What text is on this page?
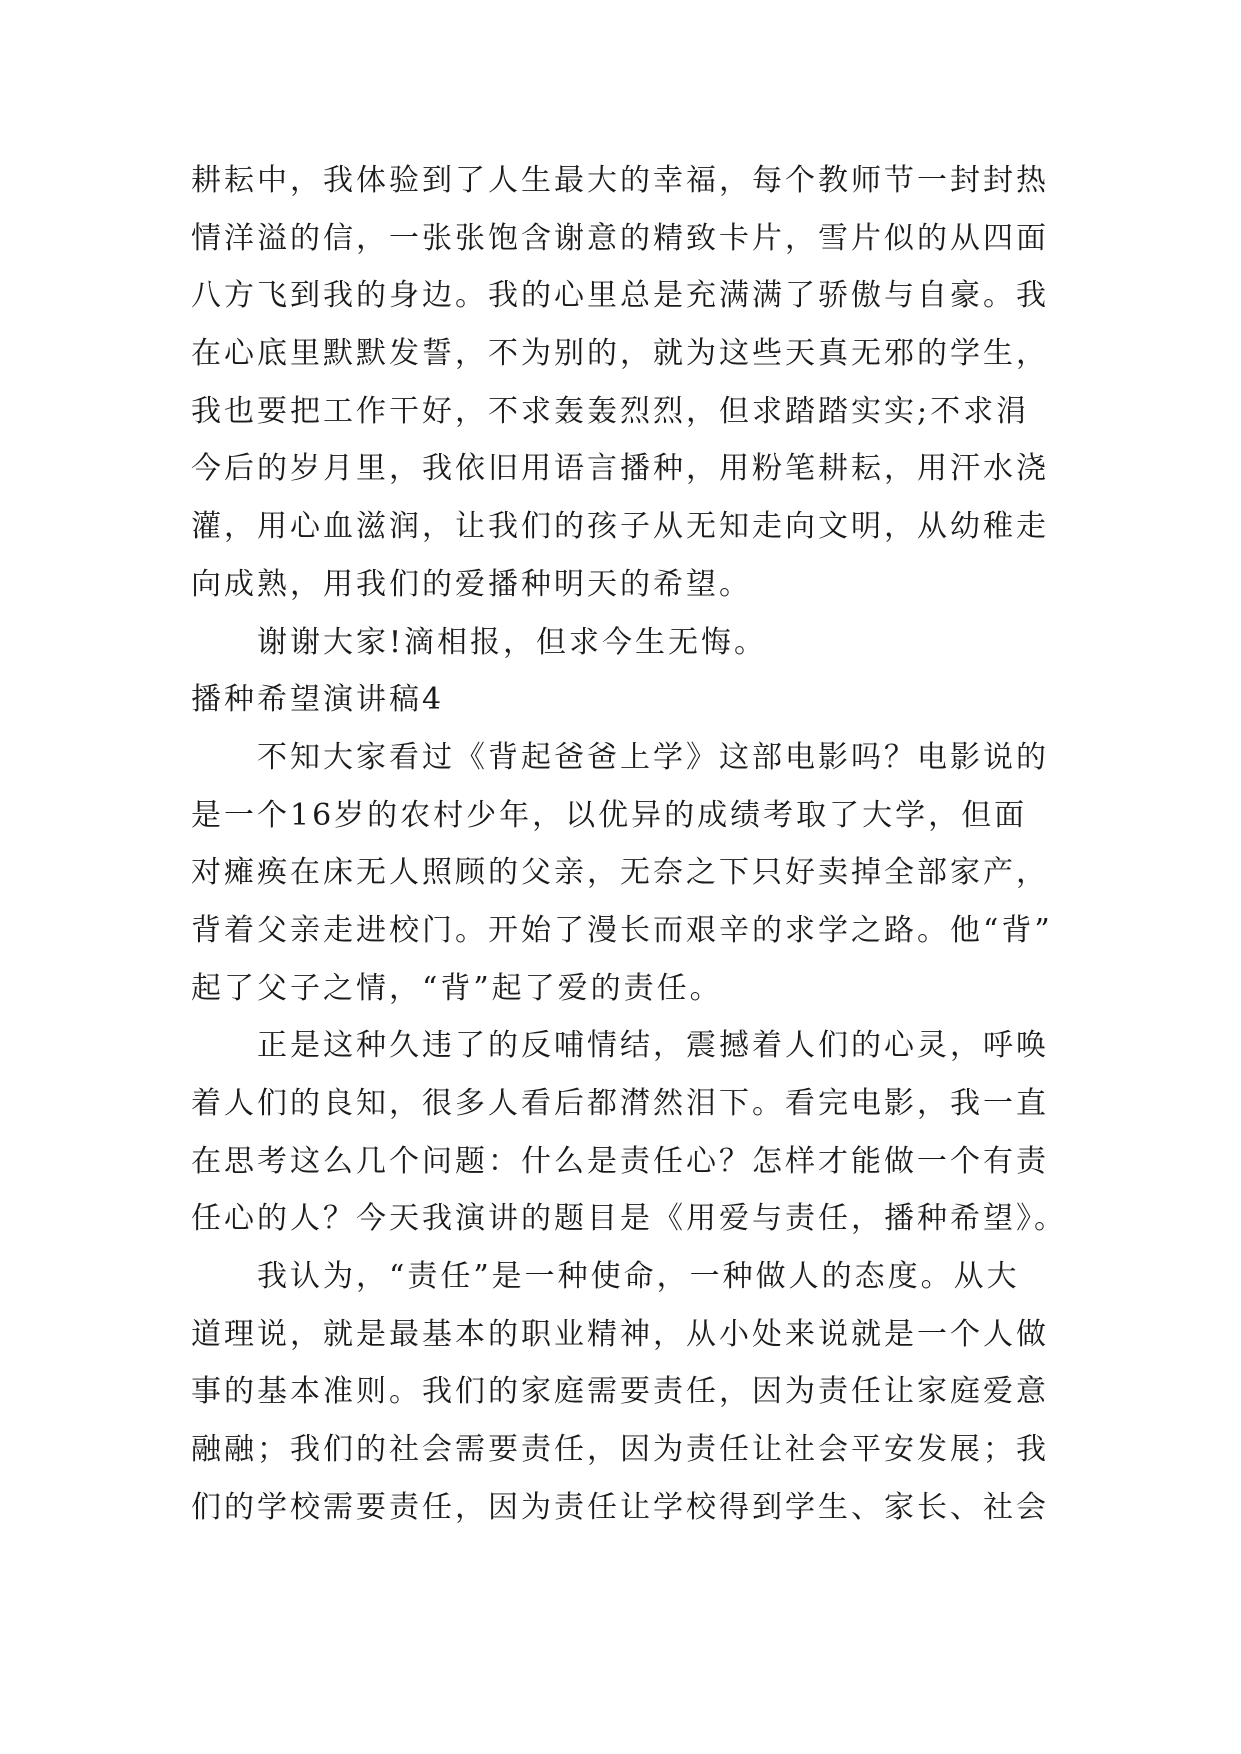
耕耘中，我体验到了人生最大的幸福，每个教师节一封封热
情洋溢的信，一张张饱含谢意的精致卡片，雪片似的从四面
八方飞到我的身边。我的心里总是充满满了骄傲与自豪。我
在心底里默默发誓，不为别的，就为这些天真无邪的学生，
我也要把工作干好，不求轰轰烈烈，但求踏踏实实;不求涓
今后的岁月里，我依旧用语言播种，用粉笔耕耘，用汗水浇
灌，用心血滋润，让我们的孩子从无知走向文明，从幼稚走
向成熟，用我们的爱播种明天的希望。
谢谢大家!滴相报，但求今生无悔。
播种希望演讲稿4
不知大家看过《背起爸爸上学》这部电影吗？电影说的
是一个16岁的农村少年，以优异的成绩考取了大学，但面
对瘫痪在床无人照顾的父亲，无奈之下只好卖掉全部家产，
背着父亲走进校门。开始了漫长而艰辛的求学之路。他“背”
起了父子之情，“背”起了爱的责任。
正是这种久违了的反哺情结，震撼着人们的心灵，呼唤
着人们的良知，很多人看后都潸然泪下。看完电影，我一直
在思考这么几个问题：什么是责任心？怎样才能做一个有责
任心的人？今天我演讲的题目是《用爱与责任，播种希望》。
我认为，“责任”是一种使命，一种做人的态度。从大
道理说，就是最基本的职业精神，从小处来说就是一个人做
事的基本准则。我们的家庭需要责任，因为责任让家庭爱意
融融；我们的社会需要责任，因为责任让社会平安发展；我
们的学校需要责任，因为责任让学校得到学生、家长、社会
